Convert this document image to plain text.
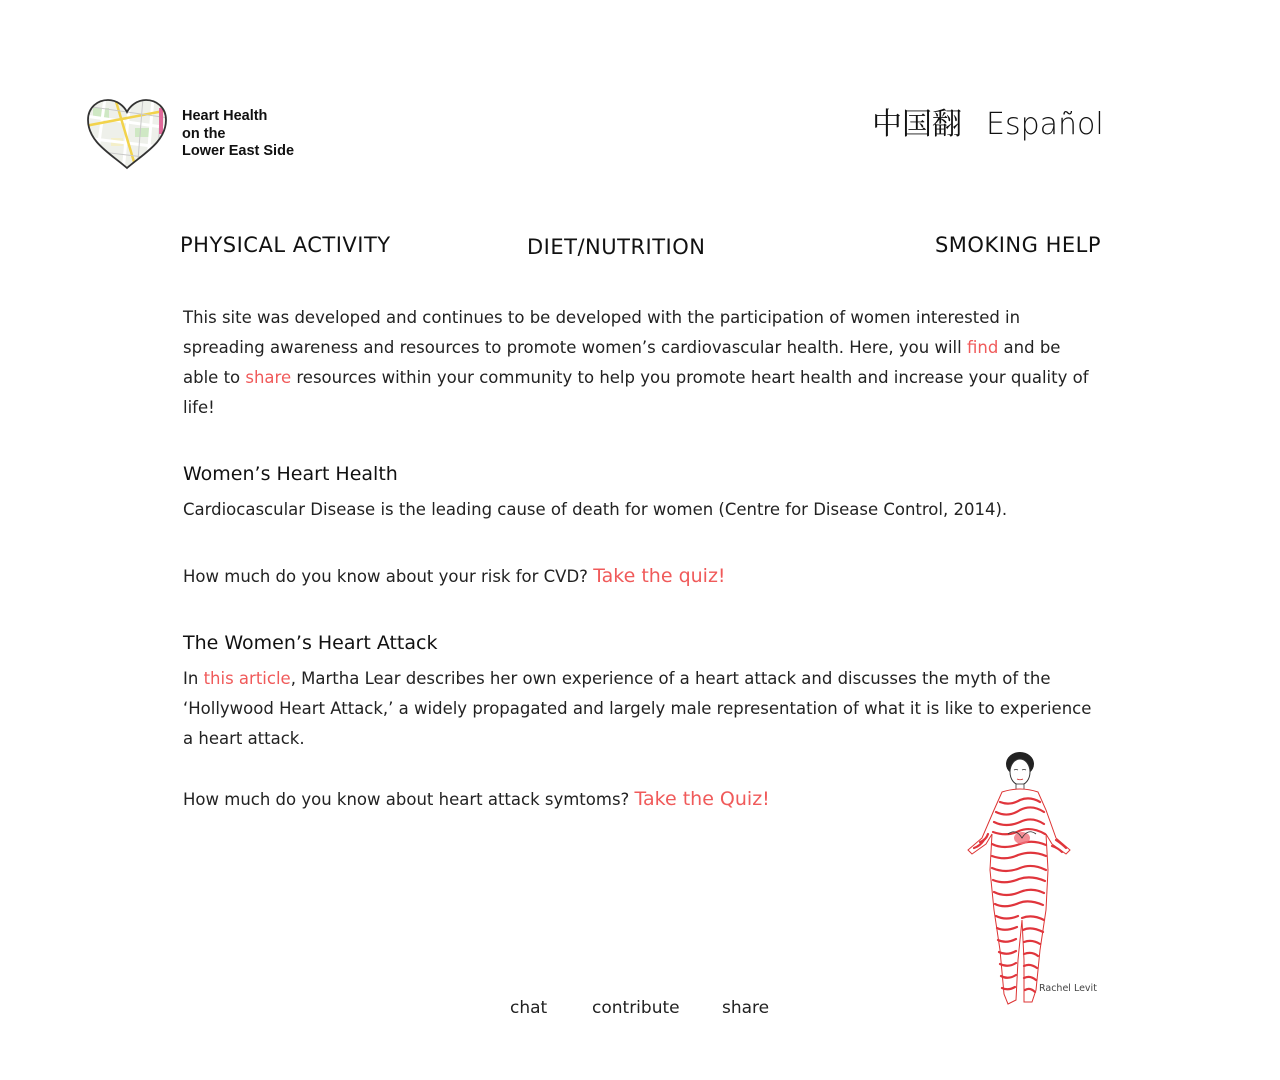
Heart Health
on the
Lower East Side
中国翻 Español
PHYSICAL ACTIVITY	DIET/NUTRITION	SMOKING HELP

This site was developed and continues to be developed with the participation of women interested in spreading awareness and resources to promote women’s cardiovascular health. Here, you will find and be able to share resources within your community to help you promote heart health and increase your quality of life!

Women’s Heart Health

Cardiocascular Disease is the leading cause of death for women (Centre for Disease Control, 2014).

How much do you know about your risk for CVD? Take the quiz!

The Women’s Heart Attack

In this article, Martha Lear describes her own experience of a heart attack and discusses the myth of the ‘Hollywood Heart Attack,’ a widely propagated and largely male representation of what it is like to experience a heart attack.

How much do you know about heart attack symtoms? Take the Quiz!

Rachel Levit
chat	contribute share
